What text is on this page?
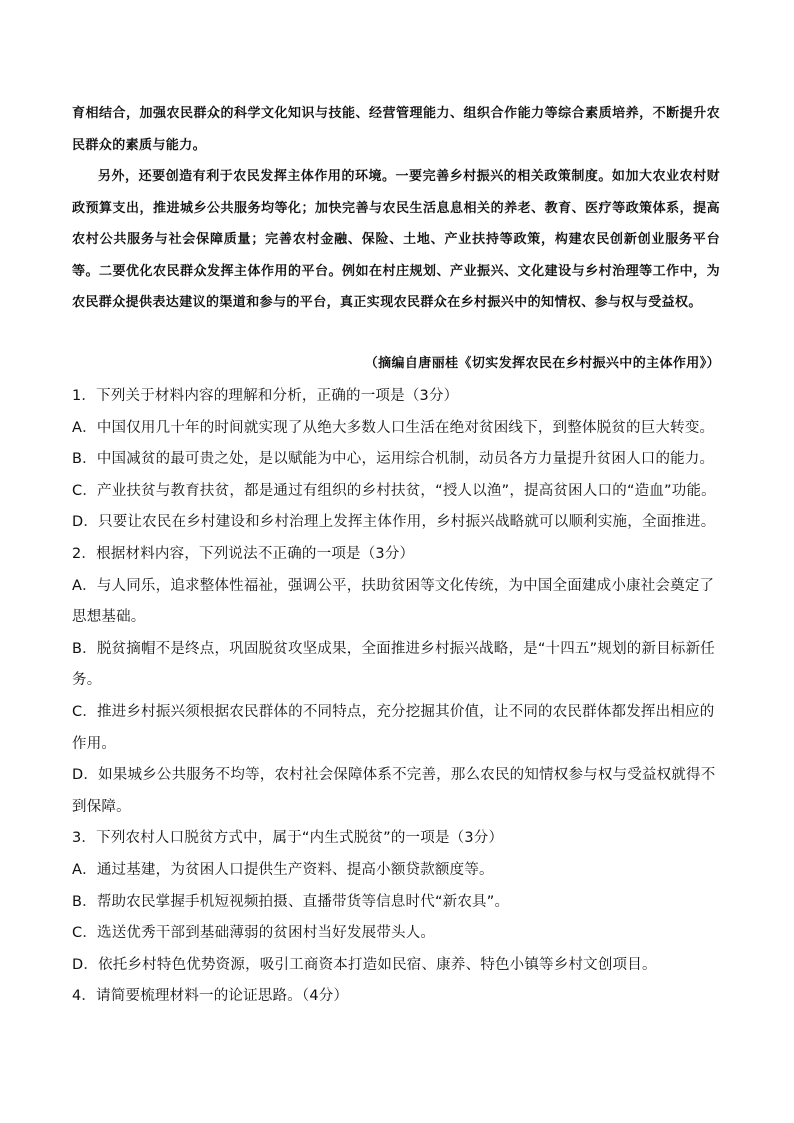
育相结合，加强农民群众的科学文化知识与技能、经营管理能力、组织合作能力等综合素质培养，不断提升农民群众的素质与能力。

另外，还要创造有利于农民发挥主体作用的环境。一要完善乡村振兴的相关政策制度。如加大农业农村财政预算支出，推进城乡公共服务均等化；加快完善与农民生活息息相关的养老、教育、医疗等政策体系，提高农村公共服务与社会保障质量；完善农村金融、保险、土地、产业扶持等政策，构建农民创新创业服务平台等。二要优化农民群众发挥主体作用的平台。例如在村庄规划、产业振兴、文化建设与乡村治理等工作中，为农民群众提供表达建议的渠道和参与的平台，真正实现农民群众在乡村振兴中的知情权、参与权与受益权。

（摘编自唐丽桂《切实发挥农民在乡村振兴中的主体作用》）

1．下列关于材料内容的理解和分析，正确的一项是（3分）

A．中国仅用几十年的时间就实现了从绝大多数人口生活在绝对贫困线下，到整体脱贫的巨大转变。

B．中国减贫的最可贵之处，是以赋能为中心，运用综合机制，动员各方力量提升贫困人口的能力。

C．产业扶贫与教育扶贫，都是通过有组织的乡村扶贫，“授人以渔”，提高贫困人口的“造血”功能。

D．只要让农民在乡村建设和乡村治理上发挥主体作用，乡村振兴战略就可以顺利实施，全面推进。

2．根据材料内容，下列说法不正确的一项是（3分）

A．与人同乐，追求整体性福祉，强调公平，扶助贫困等文化传统，为中国全面建成小康社会奠定了思想基础。

B．脱贫摘帽不是终点，巩固脱贫攻坚成果，全面推进乡村振兴战略，是“十四五”规划的新目标新任务。

C．推进乡村振兴须根据农民群体的不同特点，充分挖掘其价值，让不同的农民群体都发挥出相应的作用。

D．如果城乡公共服务不均等，农村社会保障体系不完善，那么农民的知情权参与权与受益权就得不到保障。

3．下列农村人口脱贫方式中，属于“内生式脱贫”的一项是（3分）

A．通过基建，为贫困人口提供生产资料、提高小额贷款额度等。

B．帮助农民掌握手机短视频拍摄、直播带货等信息时代“新农具”。

C．选送优秀干部到基础薄弱的贫困村当好发展带头人。

D．依托乡村特色优势资源，吸引工商资本打造如民宿、康养、特色小镇等乡村文创项目。

4．请简要梳理材料一的论证思路。（4分）
